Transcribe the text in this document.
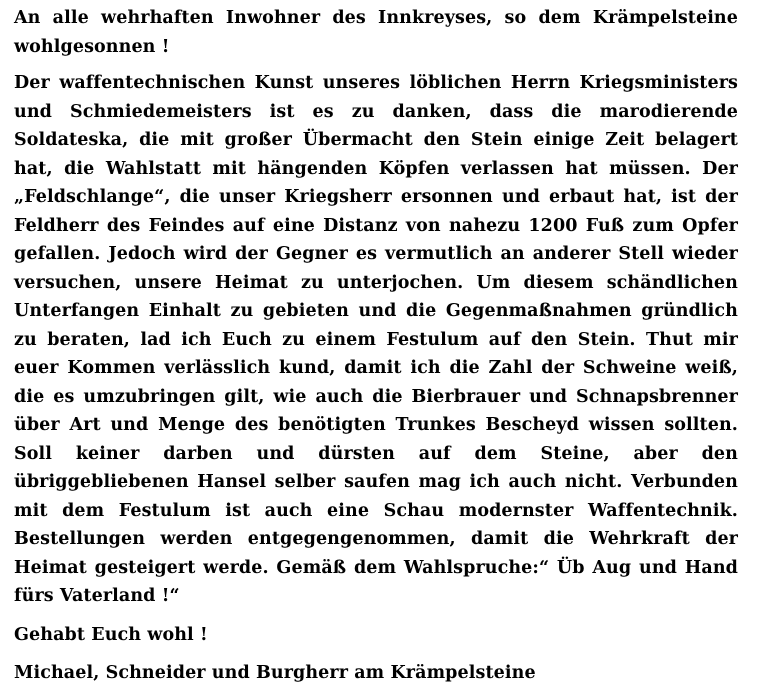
An alle wehrhaften Inwohner des Innkreyses, so dem Krämpelsteine wohlgesonnen !

Der waffentechnischen Kunst unseres löblichen Herrn Kriegsministers und Schmiedemeisters ist es zu danken, dass die marodierende Soldateska, die mit großer Übermacht den Stein einige Zeit belagert hat, die Wahlstatt mit hängenden Köpfen verlassen hat müssen. Der „Feldschlange“, die unser Kriegsherr ersonnen und erbaut hat, ist der Feldherr des Feindes auf eine Distanz von nahezu 1200 Fuß zum Opfer gefallen. Jedoch wird der Gegner es vermutlich an anderer Stell wieder versuchen, unsere Heimat zu unterjochen. Um diesem schändlichen Unterfangen Einhalt zu gebieten und die Gegenmaßnahmen gründlich zu beraten, lad ich Euch zu einem Festulum auf den Stein. Thut mir euer Kommen verlässlich kund, damit ich die Zahl der Schweine weiß, die es umzubringen gilt, wie auch die Bierbrauer und Schnapsbrenner über Art und Menge des benötigten Trunkes Bescheyd wissen sollten. Soll keiner darben und dürsten auf dem Steine, aber den übriggebliebenen Hansel selber saufen mag ich auch nicht. Verbunden mit dem Festulum ist auch eine Schau modernster Waffentechnik. Bestellungen werden entgegengenommen, damit die Wehrkraft der Heimat gesteigert werde. Gemäß dem Wahlspruche:“ Üb Aug und Hand fürs Vaterland !“

Gehabt Euch wohl !

Michael, Schneider und Burgherr am Krämpelsteine
